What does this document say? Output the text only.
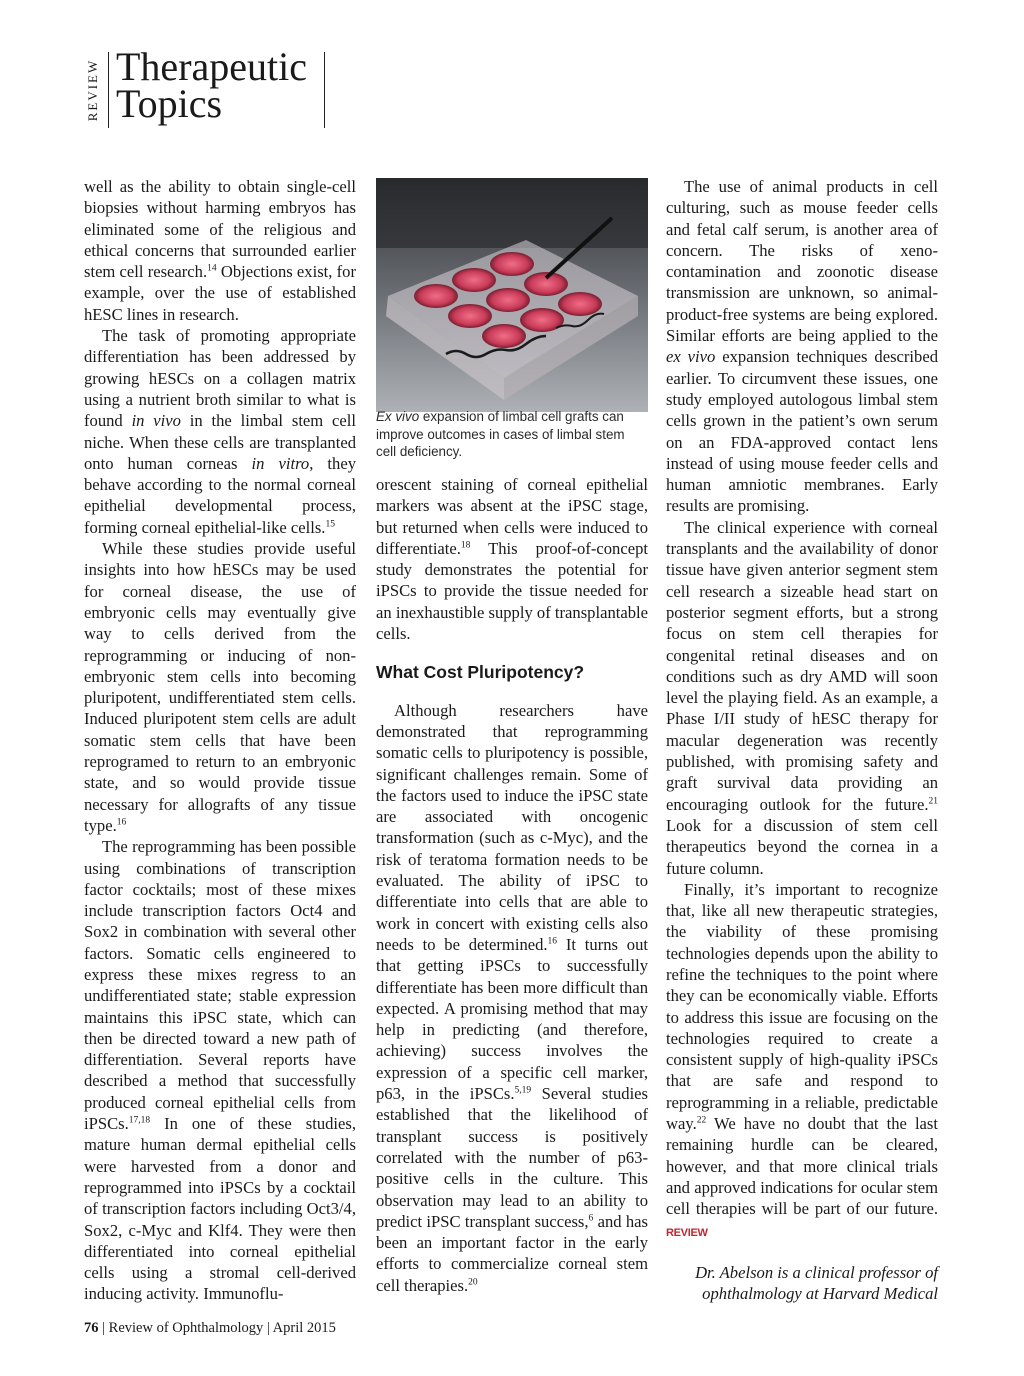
REVIEW Therapeutic
Topics

well as the ability to obtain single-cell biopsies without harming embryos has eliminated some of the religious and ethical concerns that surrounded earlier stem cell research.$^{14}$ Objections exist, for example, over the use of established hESC lines in research.

The task of promoting appropriate differentiation has been addressed by growing hESCs on a collagen matrix using a nutrient broth similar to what is found in vivo in the limbal stem cell niche. When these cells are transplanted onto human corneas in vitro, they behave according to the normal corneal epithelial developmental process, forming corneal epithelial-like cells.$^{15}$

While these studies provide useful insights into how hESCs may be used for corneal disease, the use of embryonic cells may eventually give way to cells derived from the reprogramming or inducing of non-embryonic stem cells into becoming pluripotent, undifferentiated stem cells. Induced pluripotent stem cells are adult somatic stem cells that have been reprogramed to return to an embryonic state, and so would provide tissue necessary for allografts of any tissue type.$^{16}$

The reprogramming has been possible using combinations of transcription factor cocktails; most of these mixes include transcription factors Oct4 and Sox2 in combination with several other factors. Somatic cells engineered to express these mixes regress to an undifferentiated state; stable expression maintains this iPSC state, which can then be directed toward a new path of differentiation. Several reports have described a method that successfully produced corneal epithelial cells from iPSCs.$^{17,18}$ In one of these studies, mature human dermal epithelial cells were harvested from a donor and reprogrammed into iPSCs by a cocktail of transcription factors including Oct3/4, Sox2, c-Myc and Klf4. They were then differentiated into corneal epithelial cells using a stromal cell-derived inducing activity. Immunoflu-

Ex vivo expansion of limbal cell grafts can improve outcomes in cases of limbal stem cell deficiency.

orescent staining of corneal epithelial markers was absent at the iPSC stage, but returned when cells were induced to differentiate.$^{18}$ This proof-of-concept study demonstrates the potential for iPSCs to provide the tissue needed for an inexhaustible supply of transplantable cells.

What Cost Pluripotency?

Although researchers have demonstrated that reprogramming somatic cells to pluripotency is possible, significant challenges remain. Some of the factors used to induce the iPSC state are associated with oncogenic transformation (such as c-Myc), and the risk of teratoma formation needs to be evaluated. The ability of iPSC to differentiate into cells that are able to work in concert with existing cells also needs to be determined.$^{16}$ It turns out that getting iPSCs to successfully differentiate has been more difficult than expected. A promising method that may help in predicting (and therefore, achieving) success involves the expression of a specific cell marker, p63, in the iPSCs.$^{5,19}$ Several studies established that the likelihood of transplant success is positively correlated with the number of p63-positive cells in the culture. This observation may lead to an ability to predict iPSC transplant success,$^6$ and has been an important factor in the early efforts to commercialize corneal stem cell therapies.$^{20}$

The use of animal products in cell culturing, such as mouse feeder cells and fetal calf serum, is another area of concern. The risks of xeno-contamination and zoonotic disease transmission are unknown, so animal-product-free systems are being explored. Similar efforts are being applied to the ex vivo expansion techniques described earlier. To circumvent these issues, one study employed autologous limbal stem cells grown in the patient’s own serum on an FDA-approved contact lens instead of using mouse feeder cells and human amniotic membranes. Early results are promising.

The clinical experience with corneal transplants and the availability of donor tissue have given anterior segment stem cell research a sizeable head start on posterior segment efforts, but a strong focus on stem cell therapies for congenital retinal diseases and on conditions such as dry AMD will soon level the playing field. As an example, a Phase I/II study of hESC therapy for macular degeneration was recently published, with promising safety and graft survival data providing an encouraging outlook for the future.$^{21}$ Look for a discussion of stem cell therapeutics beyond the cornea in a future column.

Finally, it’s important to recognize that, like all new therapeutic strategies, the viability of these promising technologies depends upon the ability to refine the techniques to the point where they can be economically viable. Efforts to address this issue are focusing on the technologies required to create a consistent supply of high-quality iPSCs that are safe and respond to reprogramming in a reliable, predictable way.$^{22}$ We have no doubt that the last remaining hurdle can be cleared, however, and that more clinical trials and approved indications for ocular stem cell therapies will be part of our future. REVIEW

Dr. Abelson is a clinical professor of ophthalmology at Harvard Medical
76 | Review of Ophthalmology | April 2015
